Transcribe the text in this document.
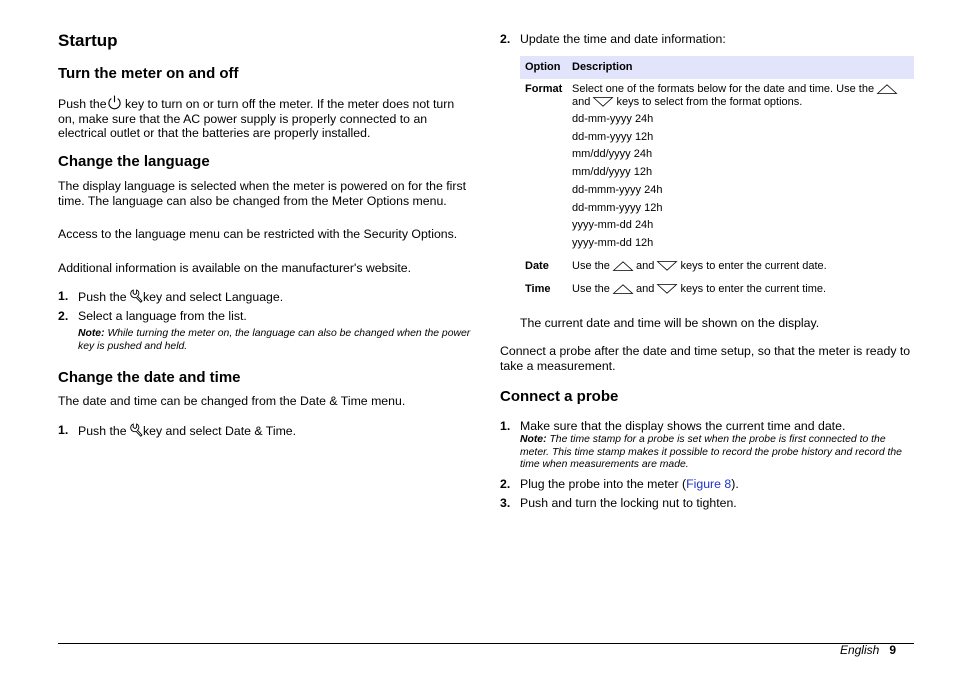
Startup
Turn the meter on and off

Push the key to turn on or turn off the meter. If the meter does not turn on, make sure that the AC power supply is properly connected to an electrical outlet or that the batteries are properly installed.

Change the language

The display language is selected when the meter is powered on for the first time. The language can also be changed from the Meter Options menu.

Access to the language menu can be restricted with the Security Options.

Additional information is available on the manufacturer's website.

1. Push the key and select Language.
2. Select a language from the list.
Note: While turning the meter on, the language can also be changed when the power key is pushed and held.
Change the date and time

The date and time can be changed from the Date & Time menu.

1. Push the key and select Date & Time.
2. Update the time and date information:
Option Description
Format Select one of the formats below for the date and time. Use the
and keys to select from the format options.
dd-mm-yyyy 24h
dd-mm-yyyy 12h
mm/dd/yyyy 24h
mm/dd/yyyy 12h
dd-mmm-yyyy 24h
dd-mmm-yyyy 12h
yyyy-mm-dd 24h
yyyy-mm-dd 12h
Date Use the and keys to enter the current date.
Time Use the and keys to enter the current time.

The current date and time will be shown on the display.

Connect a probe after the date and time setup, so that the meter is ready to take a measurement.

Connect a probe
1. Make sure that the display shows the current time and date.
Note: The time stamp for a probe is set when the probe is first connected to the meter. This time stamp makes it possible to record the probe history and record the time when measurements are made.
2. Plug the probe into the meter (Figure 8).
3. Push and turn the locking nut to tighten.
English 9
